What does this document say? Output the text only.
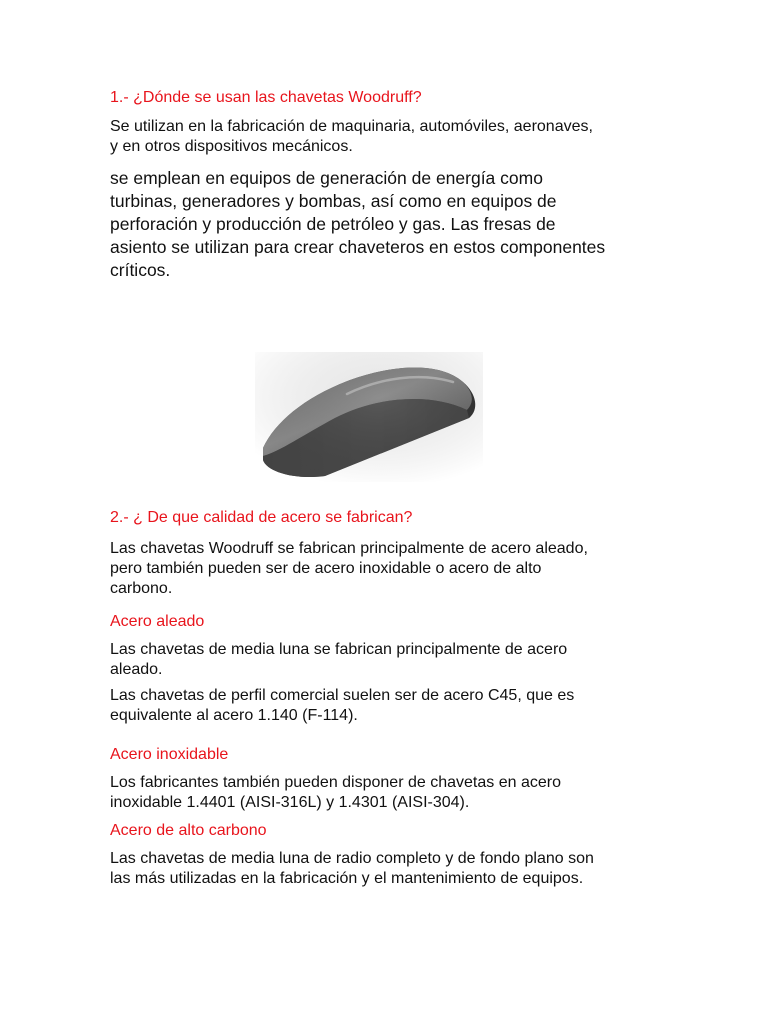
1.- ¿Dónde se usan las chavetas Woodruff?

Se utilizan en la fabricación de maquinaria, automóviles, aeronaves,
y en otros dispositivos mecánicos.

se emplean en equipos de generación de energía como
turbinas, generadores y bombas, así como en equipos de
perforación y producción de petróleo y gas. Las fresas de
asiento se utilizan para crear chaveteros en estos componentes
críticos.

2.- ¿ De que calidad de acero se fabrican?

Las chavetas Woodruff se fabrican principalmente de acero aleado,
pero también pueden ser de acero inoxidable o acero de alto
carbono.

Acero aleado

Las chavetas de media luna se fabrican principalmente de acero
aleado.

Las chavetas de perfil comercial suelen ser de acero C45, que es
equivalente al acero 1.140 (F-114).

Acero inoxidable

Los fabricantes también pueden disponer de chavetas en acero
inoxidable 1.4401 (AISI-316L) y 1.4301 (AISI-304).

Acero de alto carbono

Las chavetas de media luna de radio completo y de fondo plano son
las más utilizadas en la fabricación y el mantenimiento de equipos.
